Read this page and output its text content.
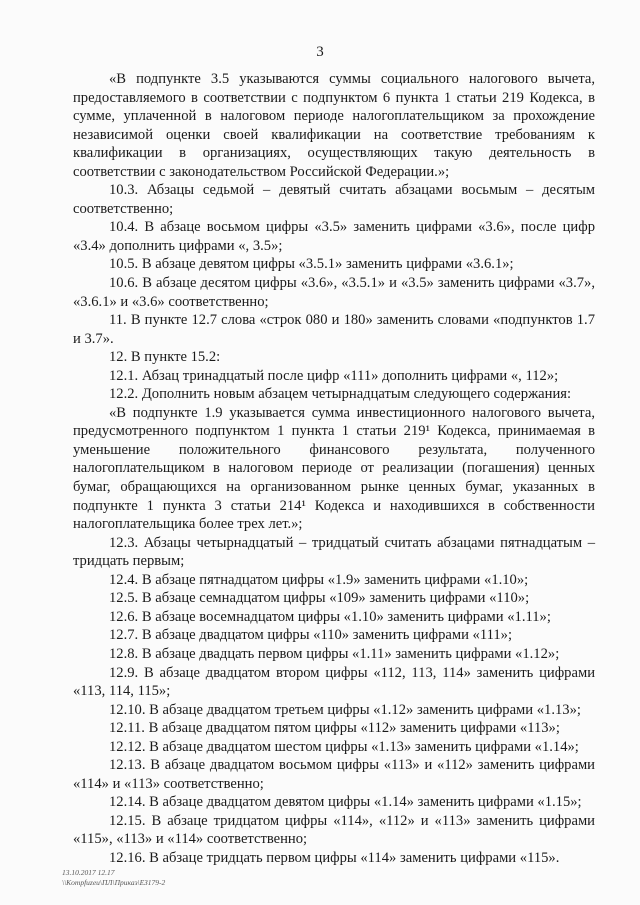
3

«В подпункте 3.5 указываются суммы социального налогового вычета, предоставляемого в соответствии с подпунктом 6 пункта 1 статьи 219 Кодекса, в сумме, уплаченной в налоговом периоде налогоплательщиком за прохождение независимой оценки своей квалификации на соответствие требованиям к квалификации в организациях, осуществляющих такую деятельность в соответствии с законодательством Российской Федерации.»;

10.3. Абзацы седьмой – девятый считать абзацами восьмым – десятым соответственно;

10.4. В абзаце восьмом цифры «3.5» заменить цифрами «3.6», после цифр «3.4» дополнить цифрами «, 3.5»;

10.5. В абзаце девятом цифры «3.5.1» заменить цифрами «3.6.1»;

10.6. В абзаце десятом цифры «3.6», «3.5.1» и «3.5» заменить цифрами «3.7», «3.6.1» и «3.6» соответственно;

11. В пункте 12.7 слова «строк 080 и 180» заменить словами «подпунктов 1.7 и 3.7».

12. В пункте 15.2:

12.1. Абзац тринадцатый после цифр «111» дополнить цифрами «, 112»;

12.2. Дополнить новым абзацем четырнадцатым следующего содержания:

«В подпункте 1.9 указывается сумма инвестиционного налогового вычета, предусмотренного подпунктом 1 пункта 1 статьи 219¹ Кодекса, принимаемая в уменьшение положительного финансового результата, полученного налогоплательщиком в налоговом периоде от реализации (погашения) ценных бумаг, обращающихся на организованном рынке ценных бумаг, указанных в подпункте 1 пункта 3 статьи 214¹ Кодекса и находившихся в собственности налогоплательщика более трех лет.»;

12.3. Абзацы четырнадцатый – тридцатый считать абзацами пятнадцатым – тридцать первым;

12.4. В абзаце пятнадцатом цифры «1.9» заменить цифрами «1.10»;

12.5. В абзаце семнадцатом цифры «109» заменить цифрами «110»;

12.6. В абзаце восемнадцатом цифры «1.10» заменить цифрами «1.11»;

12.7. В абзаце двадцатом цифры «110» заменить цифрами «111»;

12.8. В абзаце двадцать первом цифры «1.11» заменить цифрами «1.12»;

12.9. В абзаце двадцатом втором цифры «112, 113, 114» заменить цифрами «113, 114, 115»;

12.10. В абзаце двадцатом третьем цифры «1.12» заменить цифрами «1.13»;

12.11. В абзаце двадцатом пятом цифры «112» заменить цифрами «113»;

12.12. В абзаце двадцатом шестом цифры «1.13» заменить цифрами «1.14»;

12.13. В абзаце двадцатом восьмом цифры «113» и «112» заменить цифрами «114» и «113» соответственно;

12.14. В абзаце двадцатом девятом цифры «1.14» заменить цифрами «1.15»;

12.15. В абзаце тридцатом цифры «114», «112» и «113» заменить цифрами «115», «113» и «114» соответственно;

12.16. В абзаце тридцать первом цифры «114» заменить цифрами «115».

13.10.2017 12.17
\\Kompfuzeu\ПЛ\Приказ\ЕЗ179-2
